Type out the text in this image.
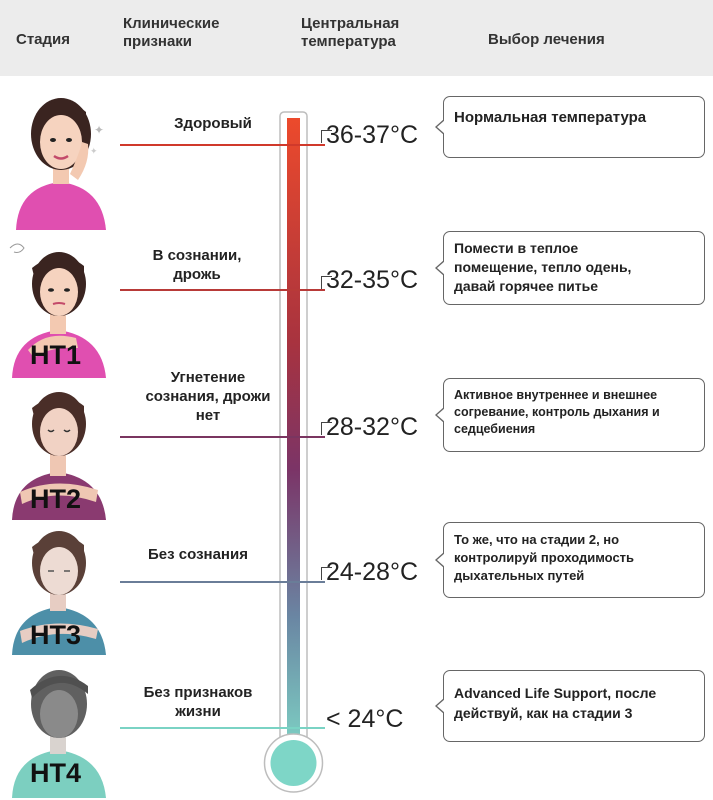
Стадия
Клинические
признаки
Центральная
температура	Выбор лечения
✦
✦
HT1
HT2
HT3
HT4
Здоровый
В сознании,
дрожь
Угнетение
сознания, дрожи
нет
Без сознания
Без признаков
жизни
36-37°C
32-35°C
28-32°C
24-28°C
< 24°C
Нормальная температура
Помести в теплое
помещение, тепло одень,
давай горячее питье
Активное внутреннее и внешнее
согревание, контроль дыхания и
седцебиения
То же, что на стадии 2, но
контролируй проходимость
дыхательных путей
Advanced Life Support, после
действуй, как на стадии 3
